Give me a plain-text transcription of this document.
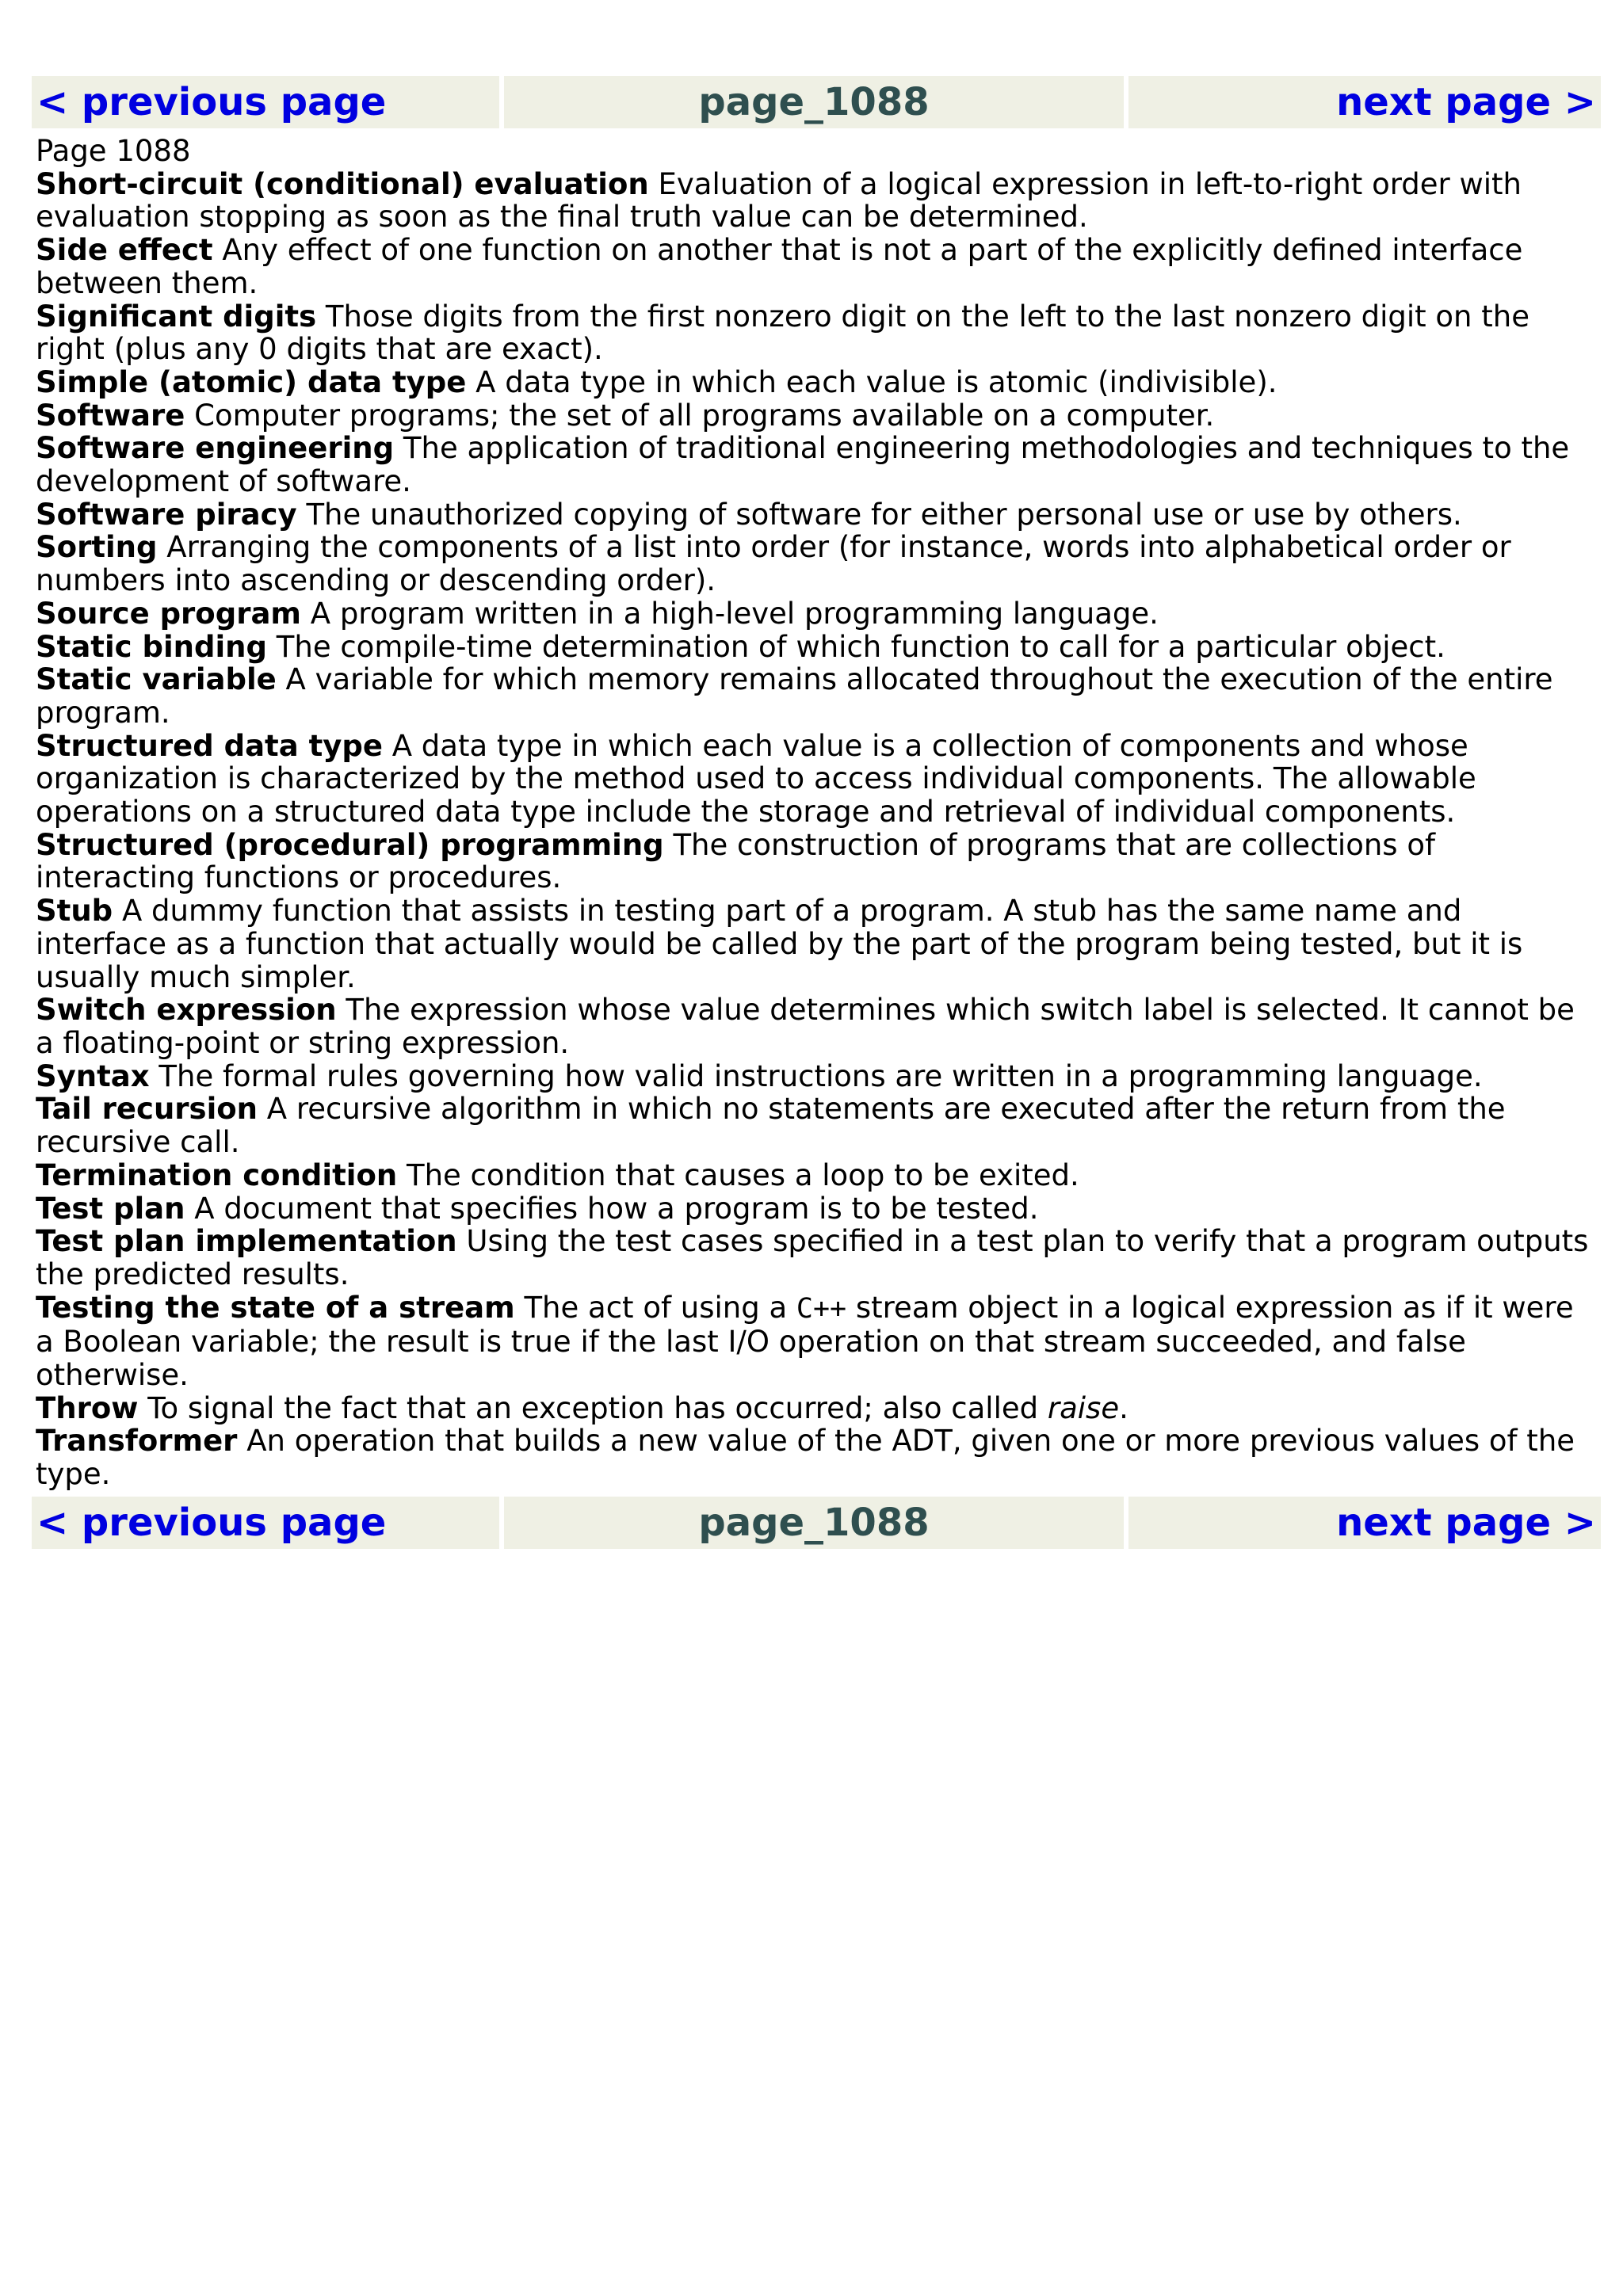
< previous page	page_1088	next page >
Page 1088
Short-circuit (conditional) evaluation Evaluation of a logical expression in left-to-right order with evaluation stopping as soon as the final truth value can be determined.
Side effect Any effect of one function on another that is not a part of the explicitly defined interface between them.
Significant digits Those digits from the first nonzero digit on the left to the last nonzero digit on the right (plus any 0 digits that are exact).
Simple (atomic) data type A data type in which each value is atomic (indivisible).
Software Computer programs; the set of all programs available on a computer.
Software engineering The application of traditional engineering methodologies and techniques to the development of software.
Software piracy The unauthorized copying of software for either personal use or use by others.
Sorting Arranging the components of a list into order (for instance, words into alphabetical order or numbers into ascending or descending order).
Source program A program written in a high-level programming language.
Static binding The compile-time determination of which function to call for a particular object.
Static variable A variable for which memory remains allocated throughout the execution of the entire program.
Structured data type A data type in which each value is a collection of components and whose organization is characterized by the method used to access individual components. The allowable operations on a structured data type include the storage and retrieval of individual components.
Structured (procedural) programming The construction of programs that are collections of interacting functions or procedures.
Stub A dummy function that assists in testing part of a program. A stub has the same name and interface as a function that actually would be called by the part of the program being tested, but it is usually much simpler.
Switch expression The expression whose value determines which switch label is selected. It cannot be a floating-point or string expression.
Syntax The formal rules governing how valid instructions are written in a programming language.
Tail recursion A recursive algorithm in which no statements are executed after the return from the recursive call.
Termination condition The condition that causes a loop to be exited.
Test plan A document that specifies how a program is to be tested.
Test plan implementation Using the test cases specified in a test plan to verify that a program outputs the predicted results.
Testing the state of a stream The act of using a C++ stream object in a logical expression as if it were a Boolean variable; the result is true if the last I/O operation on that stream succeeded, and false otherwise.
Throw To signal the fact that an exception has occurred; also called raise.
Transformer An operation that builds a new value of the ADT, given one or more previous values of the type.
< previous page	page_1088	next page >
